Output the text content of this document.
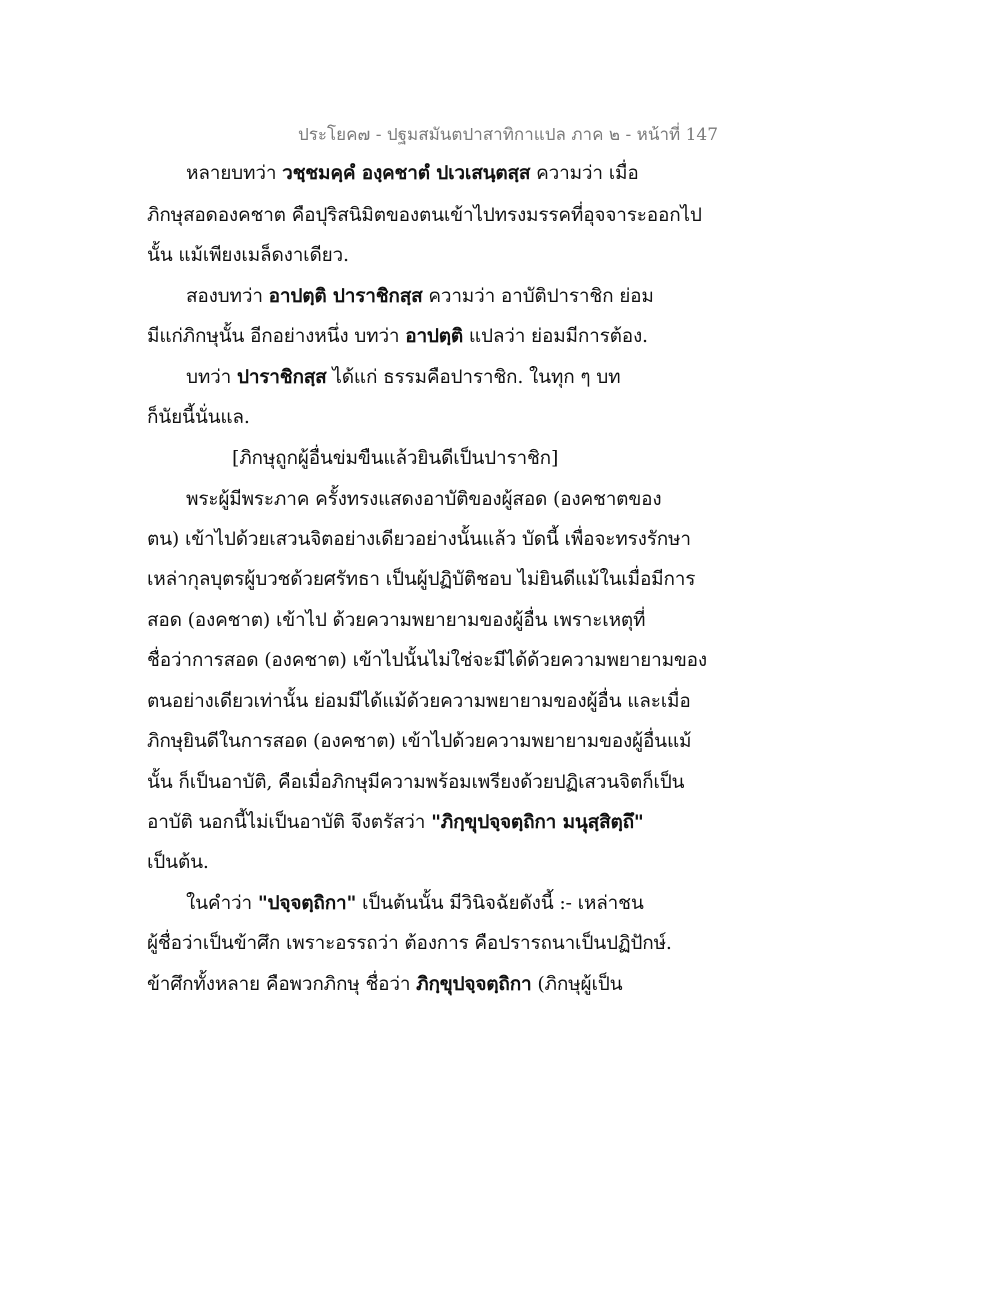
ประโยค๗ - ปฐมสมันตปาสาทิกาแปล ภาค ๒ - หน้าที่ 147
หลายบทว่า วชฺชมคฺคํ องฺคชาตํ ปเวเสนฺตสฺส ความว่า เมื่อ
ภิกษุสอดองคชาต คือปุริสนิมิตของตนเข้าไปทรงมรรคที่อุจจาระออกไป
นั้น แม้เพียงเมล็ดงาเดียว.
สองบทว่า อาปตฺติ ปาราชิกสฺส ความว่า อาบัติปาราชิก ย่อม
มีแก่ภิกษุนั้น อีกอย่างหนึ่ง บทว่า อาปตฺติ แปลว่า ย่อมมีการต้อง.
บทว่า ปาราชิกสฺส ได้แก่ ธรรมคือปาราชิก. ในทุก ๆ บท
ก็นัยนี้นั่นแล.
[ภิกษุถูกผู้อื่นข่มขืนแล้วยินดีเป็นปาราชิก]
พระผู้มีพระภาค ครั้งทรงแสดงอาบัติของผู้สอด (องคชาตของ
ตน) เข้าไปด้วยเสวนจิตอย่างเดียวอย่างนั้นแล้ว บัดนี้ เพื่อจะทรงรักษา
เหล่ากุลบุตรผู้บวชด้วยศรัทธา เป็นผู้ปฏิบัติชอบ ไม่ยินดีแม้ในเมื่อมีการ
สอด (องคชาต) เข้าไป ด้วยความพยายามของผู้อื่น เพราะเหตุที่
ชื่อว่าการสอด (องคชาต) เข้าไปนั้นไม่ใช่จะมีได้ด้วยความพยายามของ
ตนอย่างเดียวเท่านั้น ย่อมมีได้แม้ด้วยความพยายามของผู้อื่น และเมื่อ
ภิกษุยินดีในการสอด (องคชาต) เข้าไปด้วยความพยายามของผู้อื่นแม้
นั้น ก็เป็นอาบัติ, คือเมื่อภิกษุมีความพร้อมเพรียงด้วยปฏิเสวนจิตก็เป็น
อาบัติ นอกนี้ไม่เป็นอาบัติ จึงตรัสว่า "ภิกฺขุปจฺจตฺถิกา มนุสฺสิตฺถึ"
เป็นต้น.
ในคำว่า "ปจฺจตฺถิกา" เป็นต้นนั้น มีวินิจฉัยดังนี้ :- เหล่าชน
ผู้ชื่อว่าเป็นข้าศึก เพราะอรรถว่า ต้องการ คือปรารถนาเป็นปฏิปักษ์.
ข้าศึกทั้งหลาย คือพวกภิกษุ ชื่อว่า ภิกฺขุปจฺจตฺถิกา (ภิกษุผู้เป็น
